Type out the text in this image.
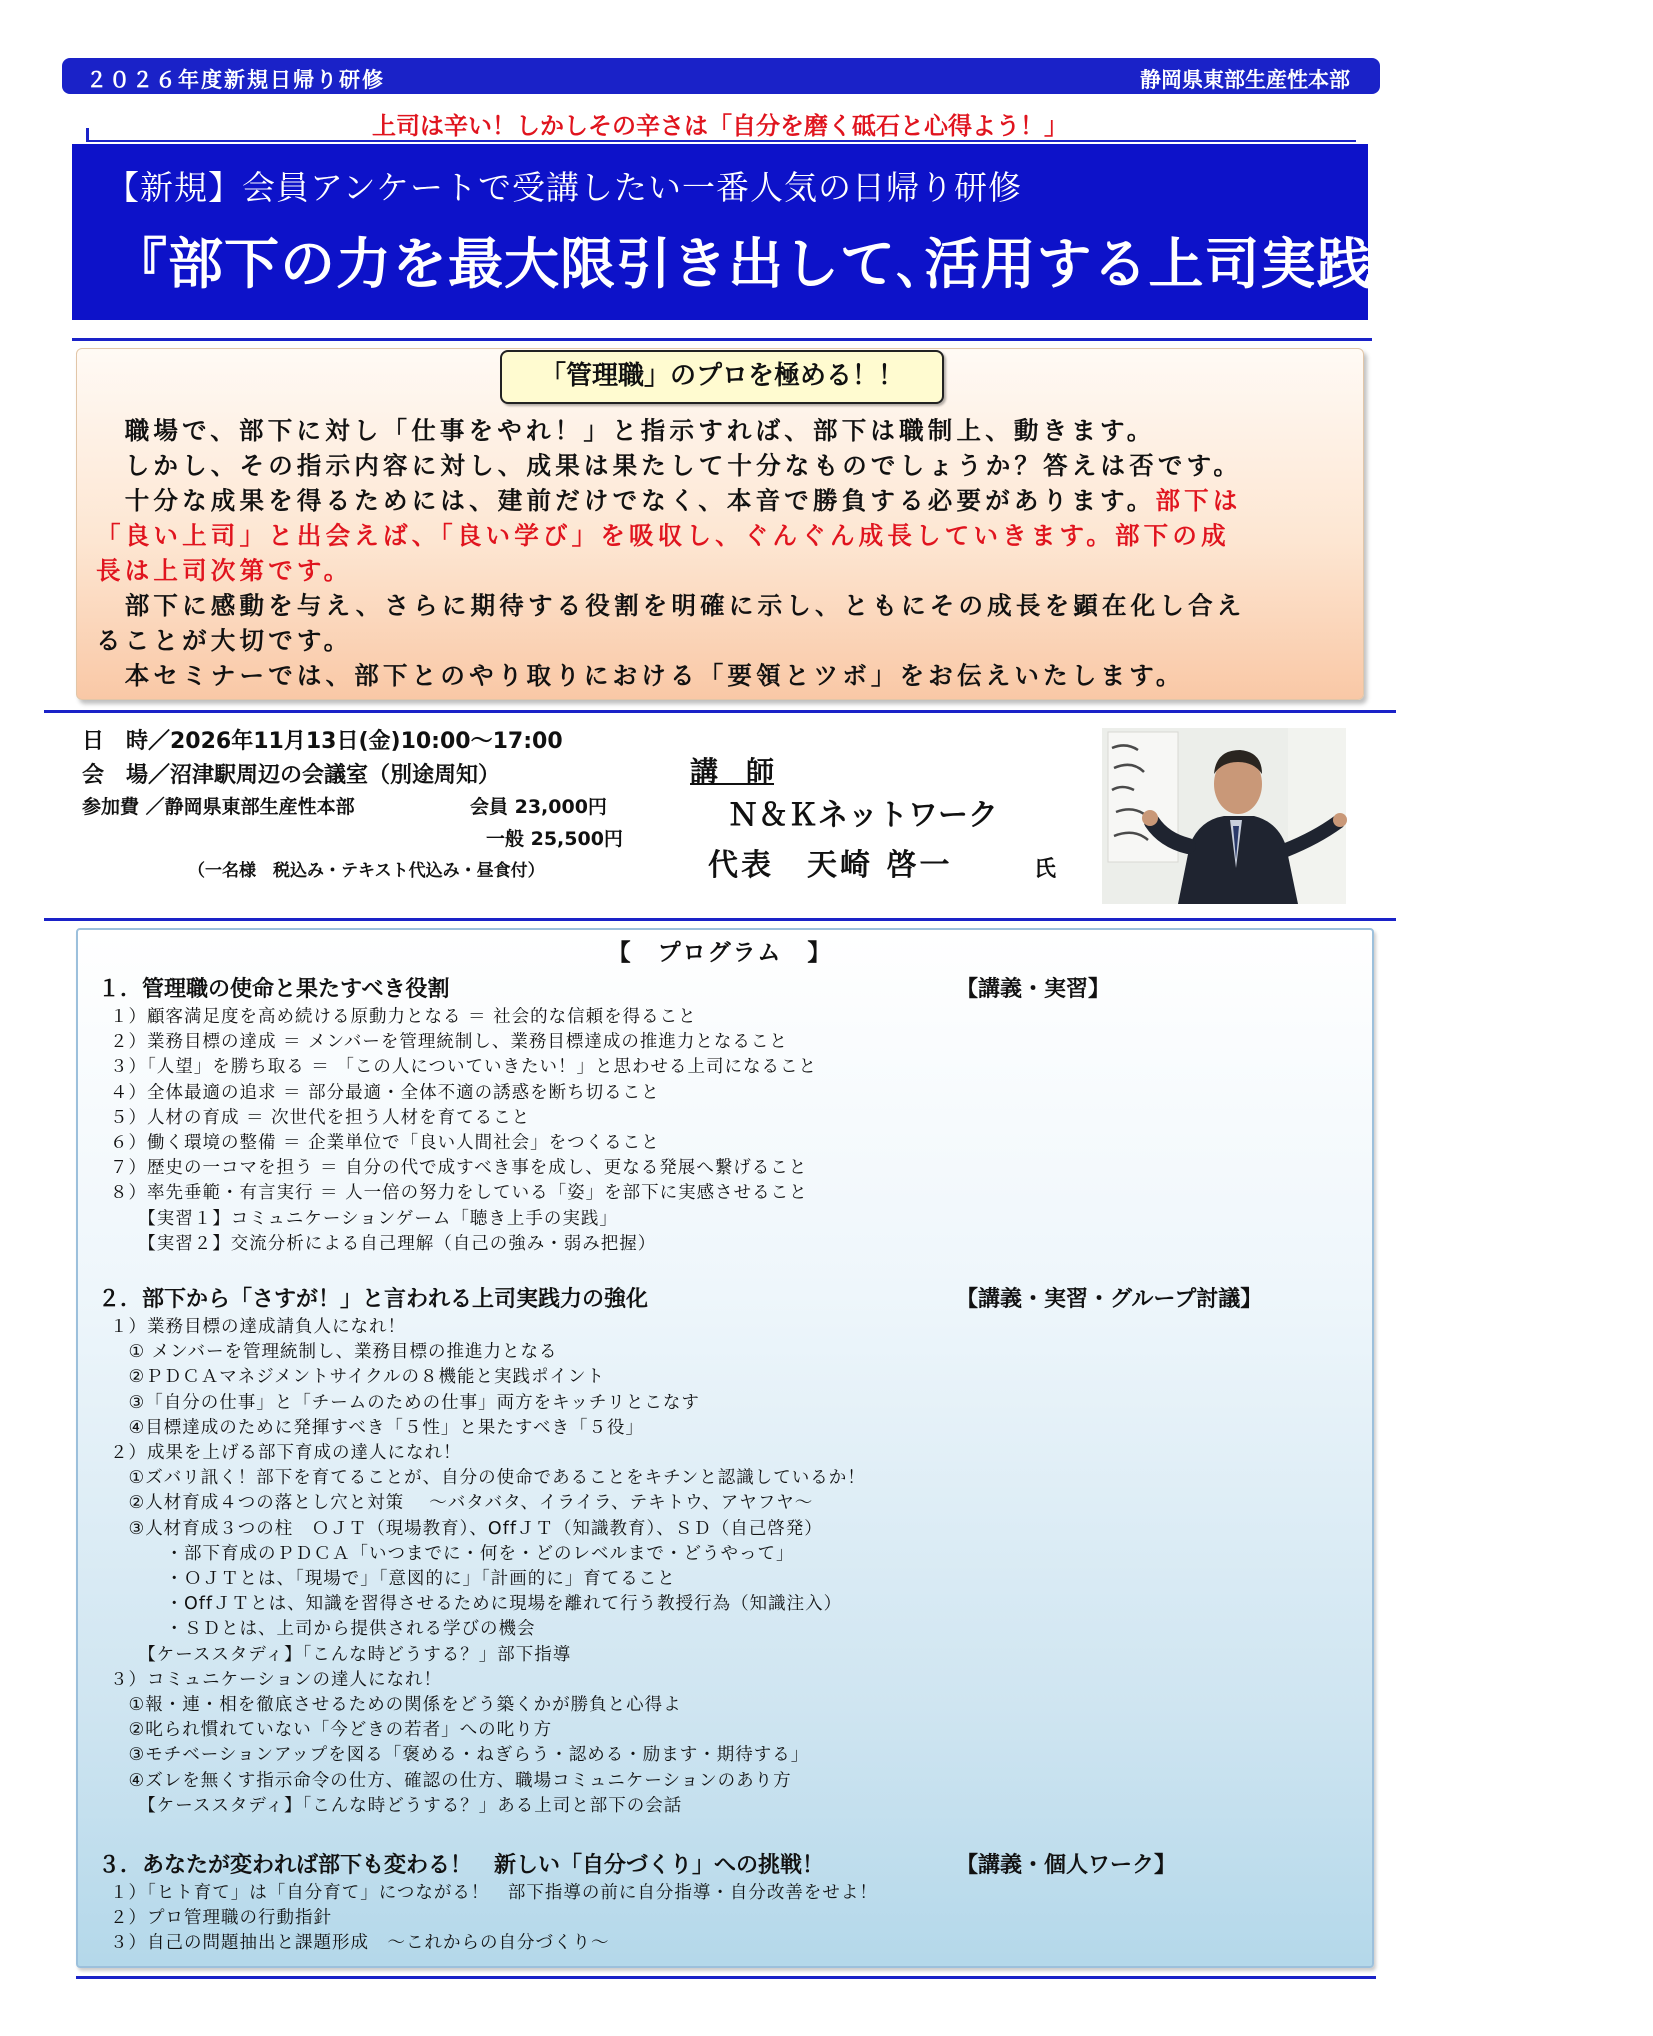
２０２６年度新規日帰り研修	静岡県東部生産性本部
上司は辛い！しかしその辛さは「自分を磨く砥石と心得よう！」
【新規】会員アンケートで受講したい一番人気の日帰り研修
『部下の力を最大限引き出して､活用する上司実践力の勘所』
「管理職」のプロを極める！！
　職場で、部下に対し「仕事をやれ！」と指示すれば、部下は職制上、動きます。
　しかし、その指示内容に対し、成果は果たして十分なものでしょうか？答えは否です。
　十分な成果を得るためには、建前だけでなく、本音で勝負する必要があります。部下は
「良い上司」と出会えば、「良い学び」を吸収し、ぐんぐん成長していきます。部下の成
長は上司次第です。
　部下に感動を与え、さらに期待する役割を明確に示し、ともにその成長を顕在化し合え
ることが大切です。
　本セミナーでは、部下とのやり取りにおける「要領とツボ」をお伝えいたします。
日　時／2026年11月13日(金)10:00～17:00
会　場／沼津駅周辺の会議室（別途周知）
参加費 ／静岡県東部生産性本部	会員 23,000円
一般 25,500円
（一名様　税込み・テキスト代込み・昼食付）
講　師
Ｎ＆Ｋネットワーク
代表　天崎 啓一	氏
【　プログラム　】
１．管理職の使命と果たすべき役割	【講義・実習】
１）顧客満足度を高め続ける原動力となる ＝ 社会的な信頼を得ること
２）業務目標の達成 ＝ メンバーを管理統制し、業務目標達成の推進力となること
３）「人望」を勝ち取る ＝ 「この人についていきたい！」と思わせる上司になること
４）全体最適の追求 ＝ 部分最適・全体不適の誘惑を断ち切ること
５）人材の育成 ＝ 次世代を担う人材を育てること
６）働く環境の整備 ＝ 企業単位で「良い人間社会」をつくること
７）歴史の一コマを担う ＝ 自分の代で成すべき事を成し、更なる発展へ繋げること
８）率先垂範・有言実行 ＝ 人一倍の努力をしている「姿」を部下に実感させること
　　【実習１】コミュニケーションゲーム「聴き上手の実践」
　　【実習２】交流分析による自己理解（自己の強み・弱み把握）
２．部下から「さすが！」と言われる上司実践力の強化	【講義・実習・グループ討議】
１）業務目標の達成請負人になれ！
　① メンバーを管理統制し、業務目標の推進力となる
　②ＰＤＣＡマネジメントサイクルの８機能と実践ポイント
　③「自分の仕事」と「チームのための仕事」両方をキッチリとこなす
　④目標達成のために発揮すべき「５性」と果たすべき「５役」
２）成果を上げる部下育成の達人になれ！
　①ズバリ訊く！部下を育てることが、自分の使命であることをキチンと認識しているか！
　②人材育成４つの落とし穴と対策　 ～バタバタ、イライラ、テキトウ、アヤフヤ～
　③人材育成３つの柱　ＯＪＴ（現場教育）、OffＪＴ（知識教育）、ＳＤ（自己啓発）
　　　・部下育成のＰＤＣＡ「いつまでに・何を・どのレベルまで・どうやって」
　　　・ＯＪＴとは、「現場で」「意図的に」「計画的に」育てること
　　　・OffＪＴとは、知識を習得させるために現場を離れて行う教授行為（知識注入）
　　　・ＳＤとは、上司から提供される学びの機会
　　【ケーススタディ】「こんな時どうする？」部下指導
３）コミュニケーションの達人になれ！
　①報・連・相を徹底させるための関係をどう築くかが勝負と心得よ
　②叱られ慣れていない「今どきの若者」への叱り方
　③モチベーションアップを図る「褒める・ねぎらう・認める・励ます・期待する」
　④ズレを無くす指示命令の仕方、確認の仕方、職場コミュニケーションのあり方
　　【ケーススタディ】「こんな時どうする？」ある上司と部下の会話
３．あなたが変われば部下も変わる！　新しい「自分づくり」への挑戦！	【講義・個人ワーク】
１）「ヒト育て」は「自分育て」につながる！　部下指導の前に自分指導・自分改善をせよ！
２）プロ管理職の行動指針
３）自己の問題抽出と課題形成　～これからの自分づくり～
